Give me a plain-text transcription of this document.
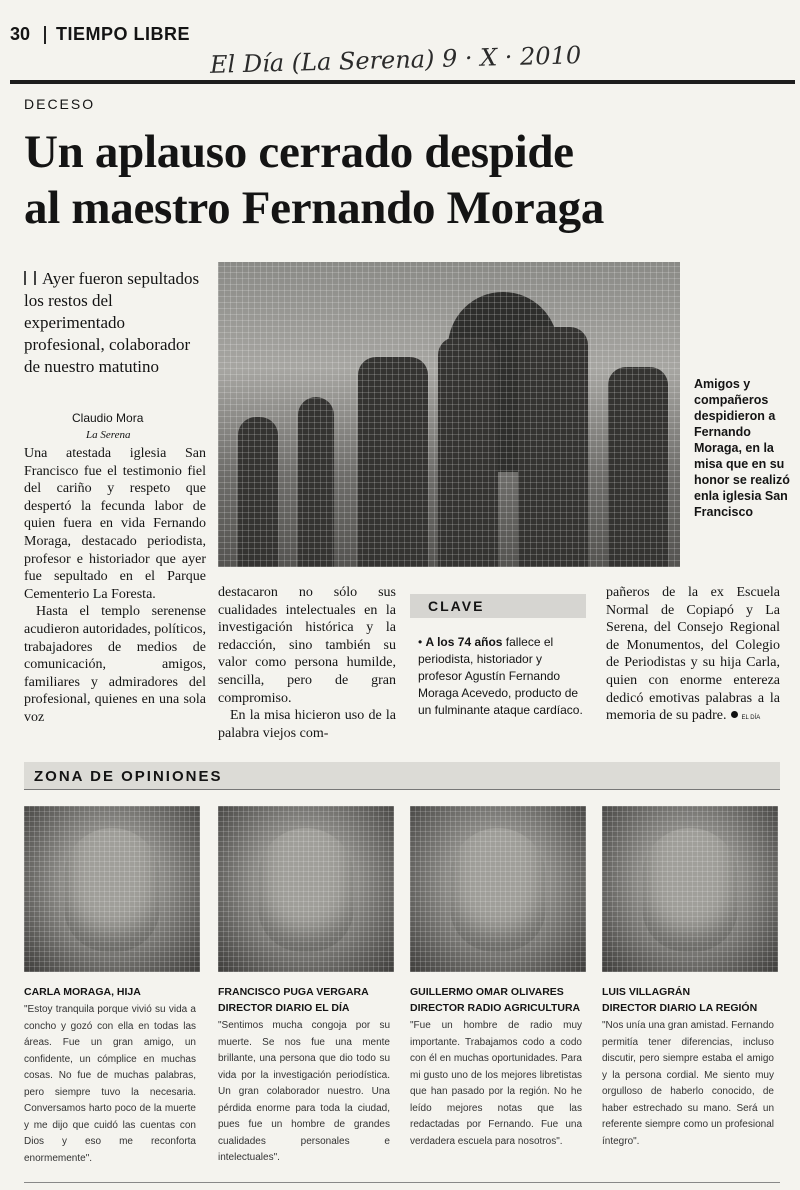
30 TIEMPO LIBRE
El Día (La Serena) 9 · X · 2010
DECESO
Un aplauso cerrado despide
al maestro Fernando Moraga
Ayer fueron sepultados los restos del experimentado profesional, colaborador de nuestro matutino
Amigos y compañeros despidieron a Fernando Moraga, en la misa que en su honor se realizó enla iglesia San Francisco
Claudio Mora
La Serena
Una atestada iglesia San Francisco fue el testimonio fiel del cariño y respeto que despertó la fecunda labor de quien fuera en vida Fernando Moraga, destacado periodista, profesor e historiador que ayer fue sepultado en el Parque Cementerio La Foresta.
Hasta el templo serenense acudieron autoridades, políticos, trabajadores de medios de comunicación, amigos, familiares y admiradores del profesional, quienes en una sola voz
destacaron no sólo sus cualidades intelectuales en la investigación histórica y la redacción, sino también su valor como persona humilde, sencilla, pero de gran compromiso.
En la misa hicieron uso de la palabra viejos com-
CLAVE
• A los 74 años fallece el periodista, historiador y profesor Agustín Fernando Moraga Acevedo, producto de un fulminante ataque cardíaco.
pañeros de la ex Escuela Normal de Copiapó y La Serena, del Consejo Regional de Monumentos, del Colegio de Periodistas y su hija Carla, quien con enorme entereza dedicó emotivas palabras a la memoria de su padre.	EL DÍA
ZONA DE OPINIONES
CARLA MORAGA, HIJA
"Estoy tranquila porque vivió su vida a concho y gozó con ella en todas las áreas. Fue un gran amigo, un confidente, un cómplice en muchas cosas. No fue de muchas palabras, pero siempre tuvo la necesaria. Conversamos harto poco de la muerte y me dijo que cuidó las cuentas con Dios y eso me reconforta enormemente".
FRANCISCO PUGA VERGARA
DIRECTOR DIARIO EL DÍA
"Sentimos mucha congoja por su muerte. Se nos fue una mente brillante, una persona que dio todo su vida por la investigación periodística. Un gran colaborador nuestro. Una pérdida enorme para toda la ciudad, pues fue un hombre de grandes cualidades personales e intelectuales".
GUILLERMO OMAR OLIVARES
DIRECTOR RADIO AGRICULTURA
"Fue un hombre de radio muy importante. Trabajamos codo a codo con él en muchas oportunidades. Para mi gusto uno de los mejores libretistas que han pasado por la región. No he leído mejores notas que las redactadas por Fernando. Fue una verdadera escuela para nosotros".
LUIS VILLAGRÁN
DIRECTOR DIARIO LA REGIÓN
"Nos unía una gran amistad. Fernando permitía tener diferencias, incluso discutir, pero siempre estaba el amigo y la persona cordial. Me siento muy orgulloso de haberlo conocido, de haber estrechado su mano. Será un referente siempre como un profesional íntegro".
